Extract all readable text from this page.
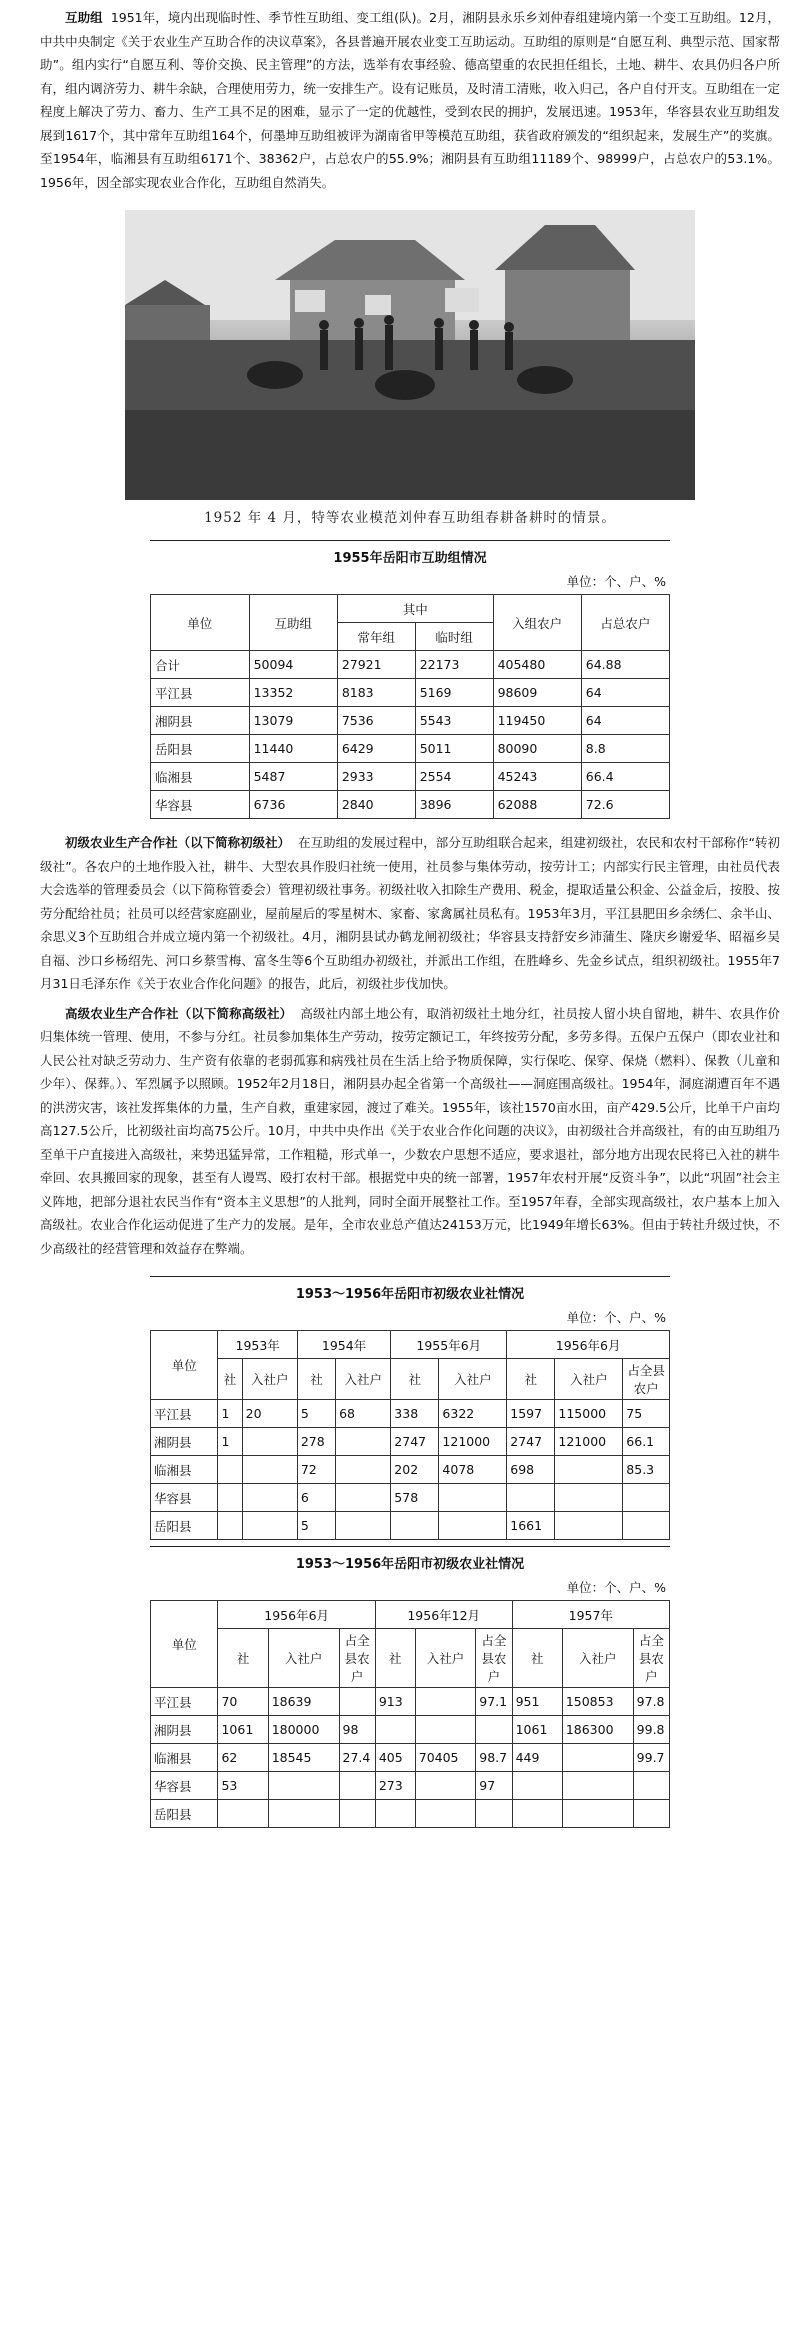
互助组 1951年，境内出现临时性、季节性互助组、变工组(队)。2月，湘阴县永乐乡刘仲春组建境内第一个变工互助组。12月，中共中央制定《关于农业生产互助合作的决议草案》，各县普遍开展农业变工互助运动。互助组的原则是“自愿互利、典型示范、国家帮助”。组内实行“自愿互利、等价交换、民主管理”的方法，选举有农事经验、德高望重的农民担任组长，土地、耕牛、农具仍归各户所有，组内调济劳力、耕牛余缺，合理使用劳力，统一安排生产。设有记账员，及时清工清账，收入归己，各户自付开支。互助组在一定程度上解决了劳力、畜力、生产工具不足的困难，显示了一定的优越性，受到农民的拥护，发展迅速。1953年，华容县农业互助组发展到1617个，其中常年互助组164个，何墨坤互助组被评为湖南省甲等模范互助组，获省政府颁发的“组织起来，发展生产”的奖旗。至1954年，临湘县有互助组6171个、38362户，占总农户的55.9%；湘阴县有互助组11189个、98999户，占总农户的53.1%。1956年，因全部实现农业合作化，互助组自然消失。

1952 年 4 月，特等农业模范刘仲春互助组春耕备耕时的情景。
1955年岳阳市互助组情况
单位：个、户、%
单位	互助组	其中		入组农户	占总农户
		常年组	临时组		
合计	50094	27921	22173	405480	64.88
平江县	13352	8183	5169	98609	64
湘阴县	13079	7536	5543	119450	64
岳阳县	11440	6429	5011	80090	8.8
临湘县	5487	2933	2554	45243	66.4
华容县	6736	2840	3896	62088	72.6

初级农业生产合作社（以下简称初级社） 在互助组的发展过程中，部分互助组联合起来，组建初级社，农民和农村干部称作“转初级社”。各农户的土地作股入社，耕牛、大型农具作股归社统一使用，社员参与集体劳动，按劳计工；内部实行民主管理，由社员代表大会选举的管理委员会（以下简称管委会）管理初级社事务。初级社收入扣除生产费用、税金，提取适量公积金、公益金后，按股、按劳分配给社员；社员可以经营家庭副业，屋前屋后的零星树木、家畜、家禽属社员私有。1953年3月，平江县肥田乡余绣仁、余半山、余思义3个互助组合并成立境内第一个初级社。4月，湘阴县试办鹤龙闸初级社；华容县支持舒安乡沛蒲生、隆庆乡谢爱华、昭福乡吴自福、沙口乡杨绍先、河口乡蔡雪梅、富冬生等6个互助组办初级社，并派出工作组，在胜峰乡、先金乡试点，组织初级社。1955年7月31日毛泽东作《关于农业合作化问题》的报告，此后，初级社步伐加快。

高级农业生产合作社（以下简称高级社） 高级社内部土地公有，取消初级社土地分红，社员按人留小块自留地，耕牛、农具作价归集体统一管理、使用，不参与分红。社员参加集体生产劳动，按劳定额记工，年终按劳分配，多劳多得。五保户五保户（即农业社和人民公社对缺乏劳动力、生产资有依靠的老弱孤寡和病残社员在生活上给予物质保障，实行保吃、保穿、保烧（燃料）、保教（儿童和少年）、保葬。）、军烈属予以照顾。1952年2月18日，湘阴县办起全省第一个高级社——洞庭围高级社。1954年，洞庭湖遭百年不遇的洪涝灾害，该社发挥集体的力量，生产自救，重建家园，渡过了难关。1955年，该社1570亩水田，亩产429.5公斤，比单干户亩均高127.5公斤，比初级社亩均高75公斤。10月，中共中央作出《关于农业合作化问题的决议》，由初级社合并高级社，有的由互助组乃至单干户直接进入高级社，来势迅猛异常，工作粗糙，形式单一，少数农户思想不适应，要求退社，部分地方出现农民将已入社的耕牛牵回、农具搬回家的现象，甚至有人谩骂、殴打农村干部。根据党中央的统一部署，1957年农村开展“反资斗争”，以此“巩固”社会主义阵地，把部分退社农民当作有“资本主义思想”的人批判，同时全面开展整社工作。至1957年春，全部实现高级社，农户基本上加入高级社。农业合作化运动促进了生产力的发展。是年，全市农业总产值达24153万元，比1949年增长63%。但由于转社升级过快，不少高级社的经营管理和效益存在弊端。

1953～1956年岳阳市初级农业社情况
单位：个、户、%
单位	1953年		1954年		1955年6月		1956年6月		
	社	入社户	社	入社户	社	入社户	社	入社户	占全县农户
平江县	1	20	5	68	338	6322	1597	115000	75
湘阴县	1		278		2747	121000	2747	121000	66.1
临湘县			72		202	4078	698		85.3
华容县			6		578				
岳阳县			5				1661		
1953～1956年岳阳市初级农业社情况
单位：个、户、%
单位	1956年6月			1956年12月			1957年		
	社	入社户	占全县农户	社	入社户	占全县农户	社	入社户	占全县农户
平江县	70	18639		913		97.1	951	150853	97.8
湘阴县	1061	180000	98				1061	186300	99.8
临湘县	62	18545	27.4	405	70405	98.7	449		99.7
华容县	53			273		97			
岳阳县									
